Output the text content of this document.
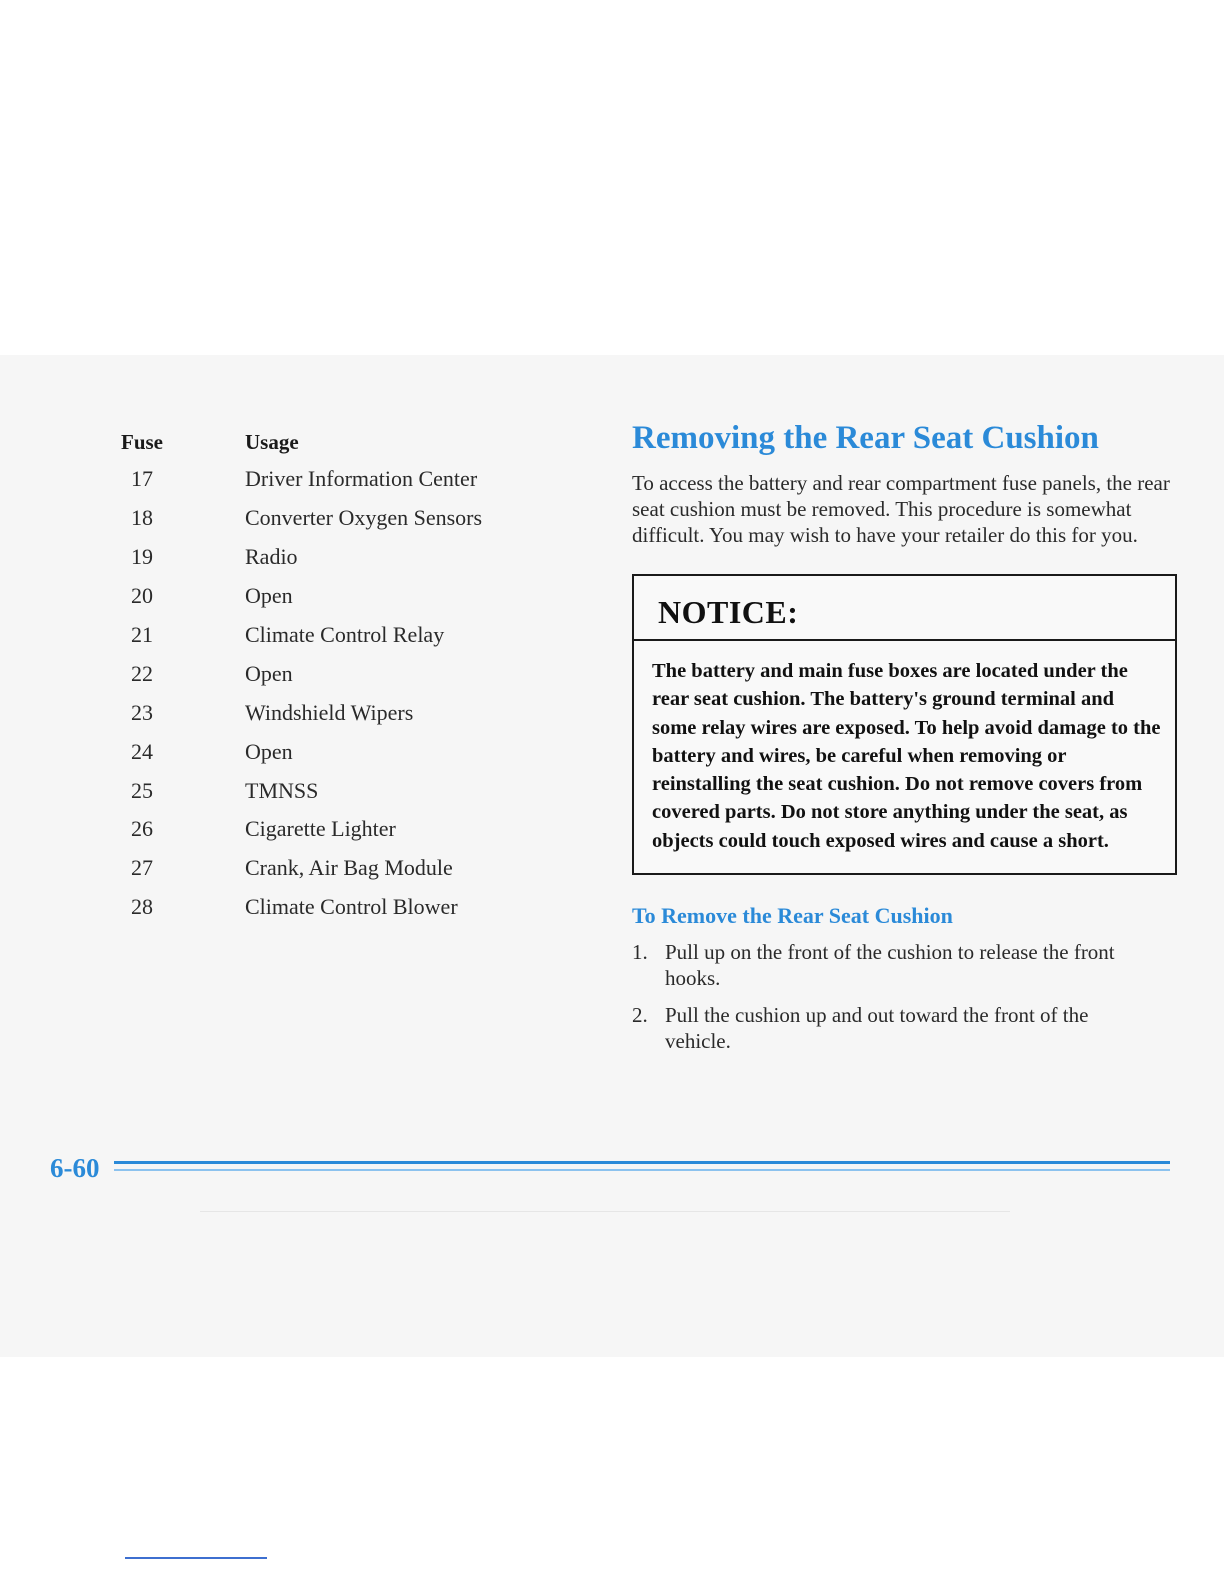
Fuse	Usage
17	Driver Information Center
18	Converter Oxygen Sensors
19	Radio
20	Open
21	Climate Control Relay
22	Open
23	Windshield Wipers
24	Open
25	TMNSS
26	Cigarette Lighter
27	Crank, Air Bag Module
28	Climate Control Blower
Removing the Rear Seat Cushion

To access the battery and rear compartment fuse panels, the rear seat cushion must be removed. This procedure is somewhat difficult. You may wish to have your retailer do this for you.

NOTICE:
The battery and main fuse boxes are located under the rear seat cushion. The battery's ground terminal and some relay wires are exposed. To help avoid damage to the battery and wires, be careful when removing or reinstalling the seat cushion. Do not remove covers from covered parts. Do not store anything under the seat, as objects could touch exposed wires and cause a short.
To Remove the Rear Seat Cushion
1. Pull up on the front of the cushion to release the front hooks.
2. Pull the cushion up and out toward the front of the vehicle.
6-60
